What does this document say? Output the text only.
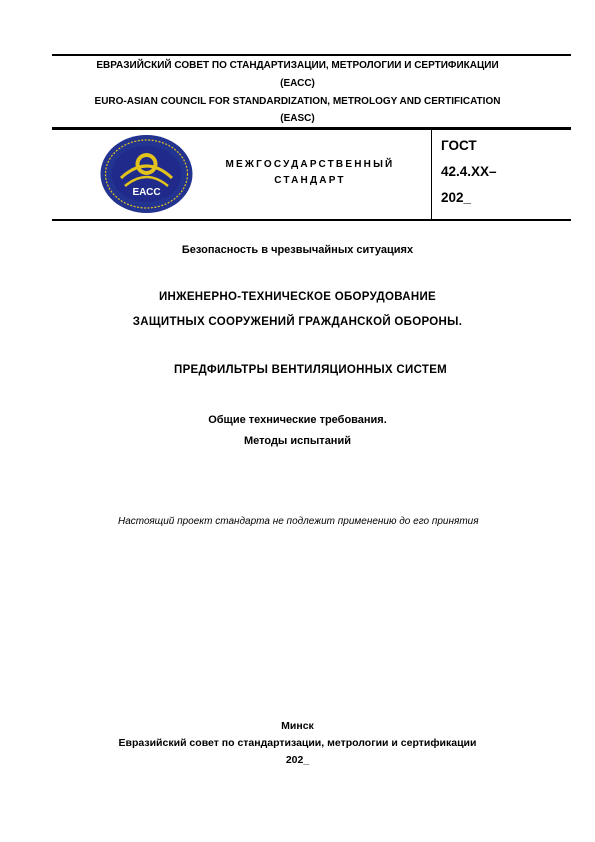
ЕВРАЗИЙСКИЙ СОВЕТ ПО СТАНДАРТИЗАЦИИ, МЕТРОЛОГИИ И СЕРТИФИКАЦИИ
(ЕАСС)
EURO-ASIAN COUNCIL FOR STANDARDIZATION, METROLOGY AND CERTIFICATION
(EASC)
ЕАСС
МЕЖГОСУДАРСТВЕННЫЙ
СТАНДАРТ
ГОСТ
42.4.XX–
202_
Безопасность в чрезвычайных ситуациях
ИНЖЕНЕРНО-ТЕХНИЧЕСКОЕ ОБОРУДОВАНИЕ
ЗАЩИТНЫХ СООРУЖЕНИЙ ГРАЖДАНСКОЙ ОБОРОНЫ.
ПРЕДФИЛЬТРЫ ВЕНТИЛЯЦИОННЫХ СИСТЕМ
Общие технические требования.
Методы испытаний
Настоящий проект стандарта не подлежит применению до его принятия
Минск
Евразийский совет по стандартизации, метрологии и сертификации
202_
